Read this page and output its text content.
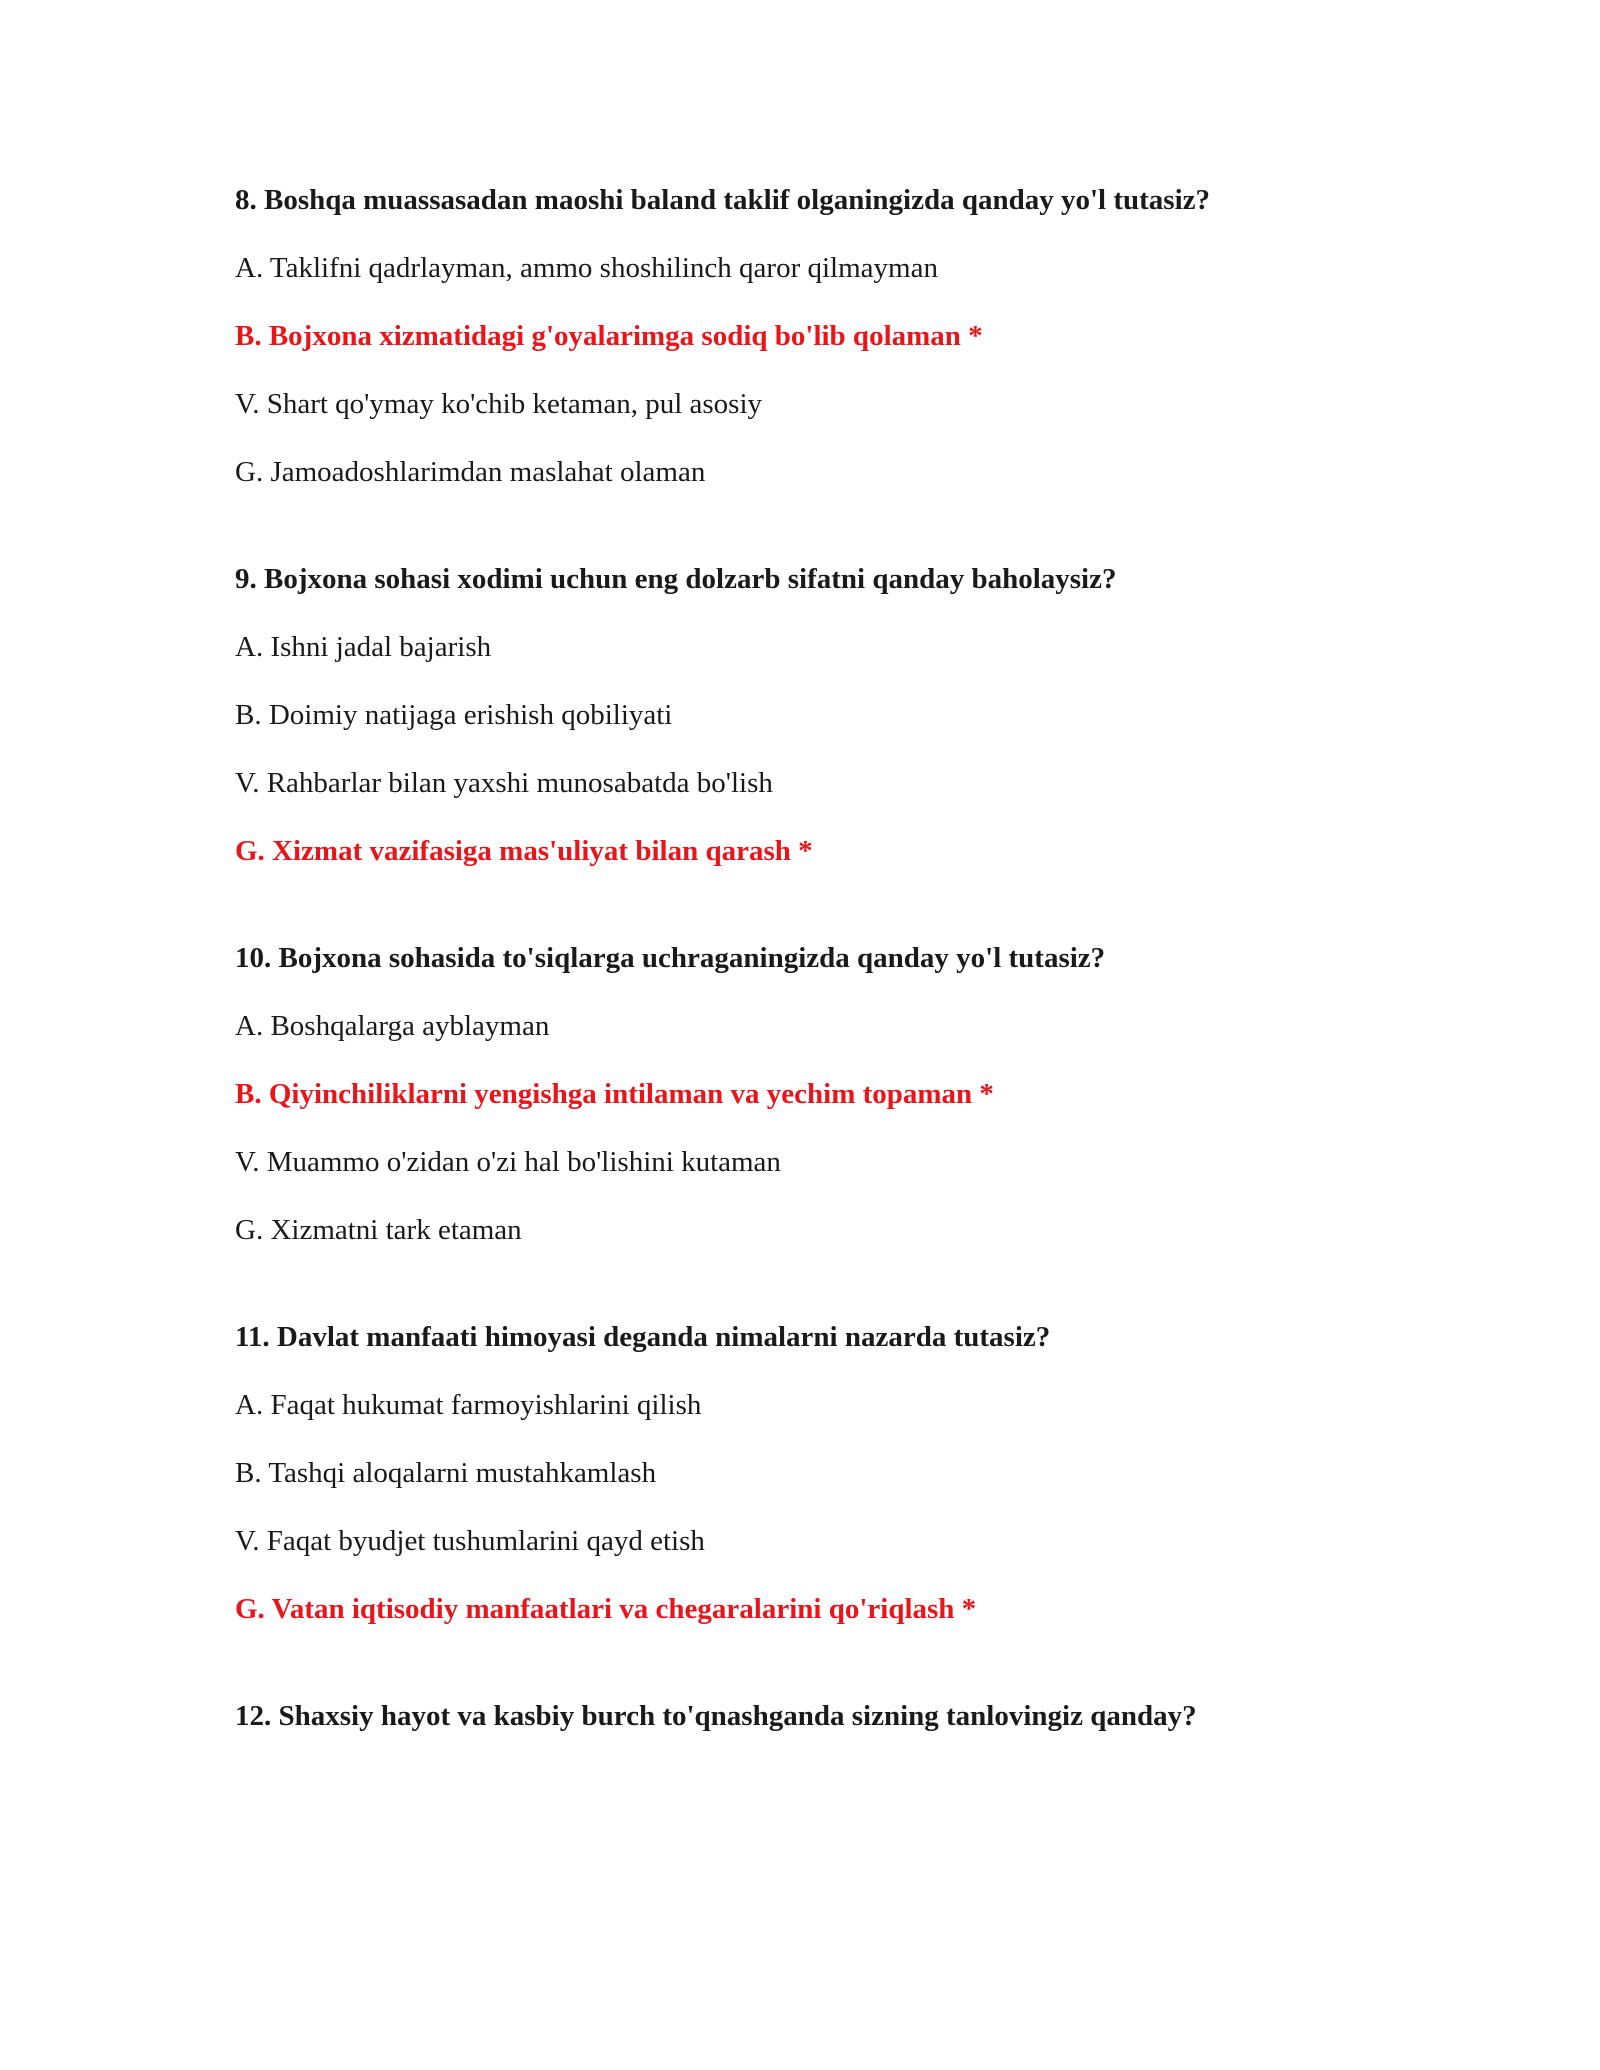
8. Boshqa muassasadan maoshi baland taklif olganingizda qanday yo'l tutasiz?
A. Taklifni qadrlayman, ammo shoshilinch qaror qilmayman
B. Bojxona xizmatidagi g'oyalarimga sodiq bo'lib qolaman *
V. Shart qo'ymay ko'chib ketaman, pul asosiy
G. Jamoadoshlarimdan maslahat olaman
9. Bojxona sohasi xodimi uchun eng dolzarb sifatni qanday baholaysiz?
A. Ishni jadal bajarish
B. Doimiy natijaga erishish qobiliyati
V. Rahbarlar bilan yaxshi munosabatda bo'lish
G. Xizmat vazifasiga mas'uliyat bilan qarash *
10. Bojxona sohasida to'siqlarga uchraganingizda qanday yo'l tutasiz?
A. Boshqalarga ayblayman
B. Qiyinchiliklarni yengishga intilaman va yechim topaman *
V. Muammo o'zidan o'zi hal bo'lishini kutaman
G. Xizmatni tark etaman
11. Davlat manfaati himoyasi deganda nimalarni nazarda tutasiz?
A. Faqat hukumat farmoyishlarini qilish
B. Tashqi aloqalarni mustahkamlash
V. Faqat byudjet tushumlarini qayd etish
G. Vatan iqtisodiy manfaatlari va chegaralarini qo'riqlash *
12. Shaxsiy hayot va kasbiy burch to'qnashganda sizning tanlovingiz qanday?
